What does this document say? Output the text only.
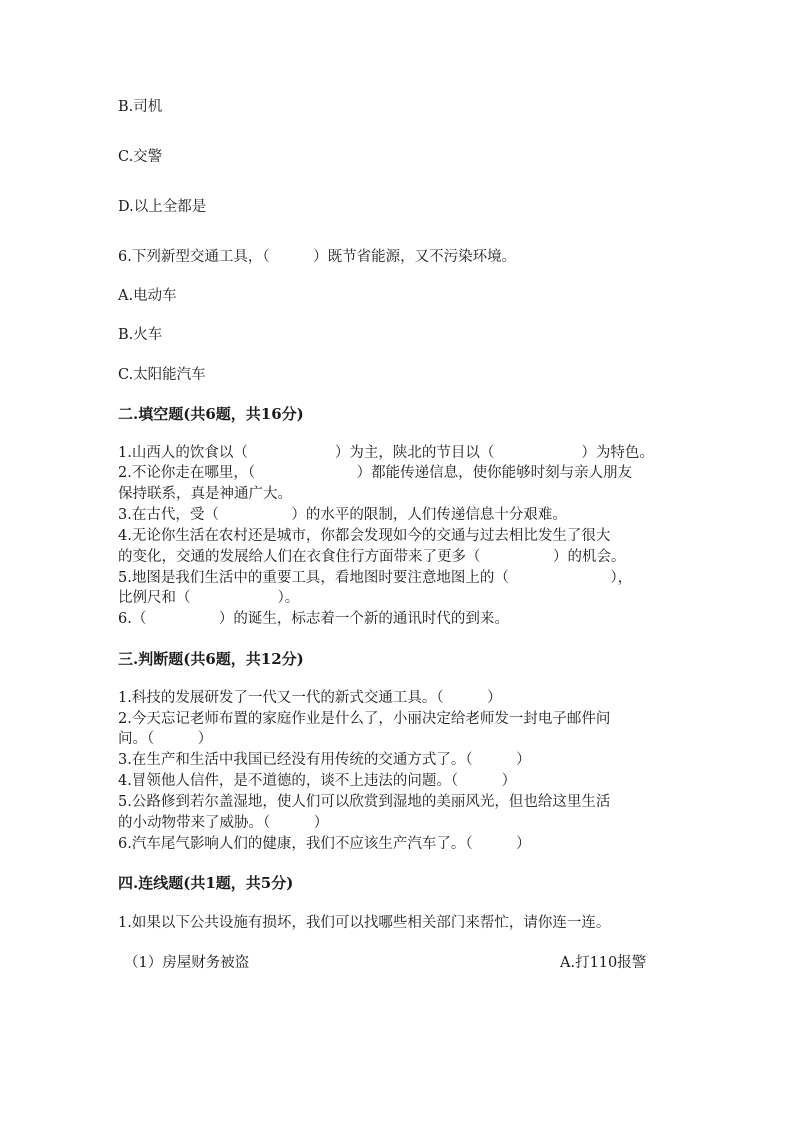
B.司机
C.交警
D.以上全都是
6.下列新型交通工具，（　　　）既节省能源，又不污染环境。
A.电动车
B.火车
C.太阳能汽车
二.填空题(共6题，共16分)
1.山西人的饮食以（　　　　　　）为主，陕北的节目以（　　　　　　）为特色。
2.不论你走在哪里，（　　　　　　　）都能传递信息，使你能够时刻与亲人朋友
保持联系，真是神通广大。
3.在古代，受（　　　　　）的水平的限制，人们传递信息十分艰难。
4.无论你生活在农村还是城市，你都会发现如今的交通与过去相比发生了很大
的变化，交通的发展给人们在衣食住行方面带来了更多（　　　　　）的机会。
5.地图是我们生活中的重要工具，看地图时要注意地图上的（　　　　　　　），
比例尺和（　　　　　　）。
6.（　　　　　）的诞生，标志着一个新的通讯时代的到来。
三.判断题(共6题，共12分)
1.科技的发展研发了一代又一代的新式交通工具。（　　　）
2.今天忘记老师布置的家庭作业是什么了，小丽决定给老师发一封电子邮件问
问。（　　　）
3.在生产和生活中我国已经没有用传统的交通方式了。（　　　）
4.冒领他人信件，是不道德的，谈不上违法的问题。（　　　）
5.公路修到若尔盖湿地，使人们可以欣赏到湿地的美丽风光，但也给这里生活
的小动物带来了威胁。（　　　）
6.汽车尾气影响人们的健康，我们不应该生产汽车了。（　　　）
四.连线题(共1题，共5分)
1.如果以下公共设施有损坏，我们可以找哪些相关部门来帮忙，请你连一连。
（1）房屋财务被盗	A.打110报警
